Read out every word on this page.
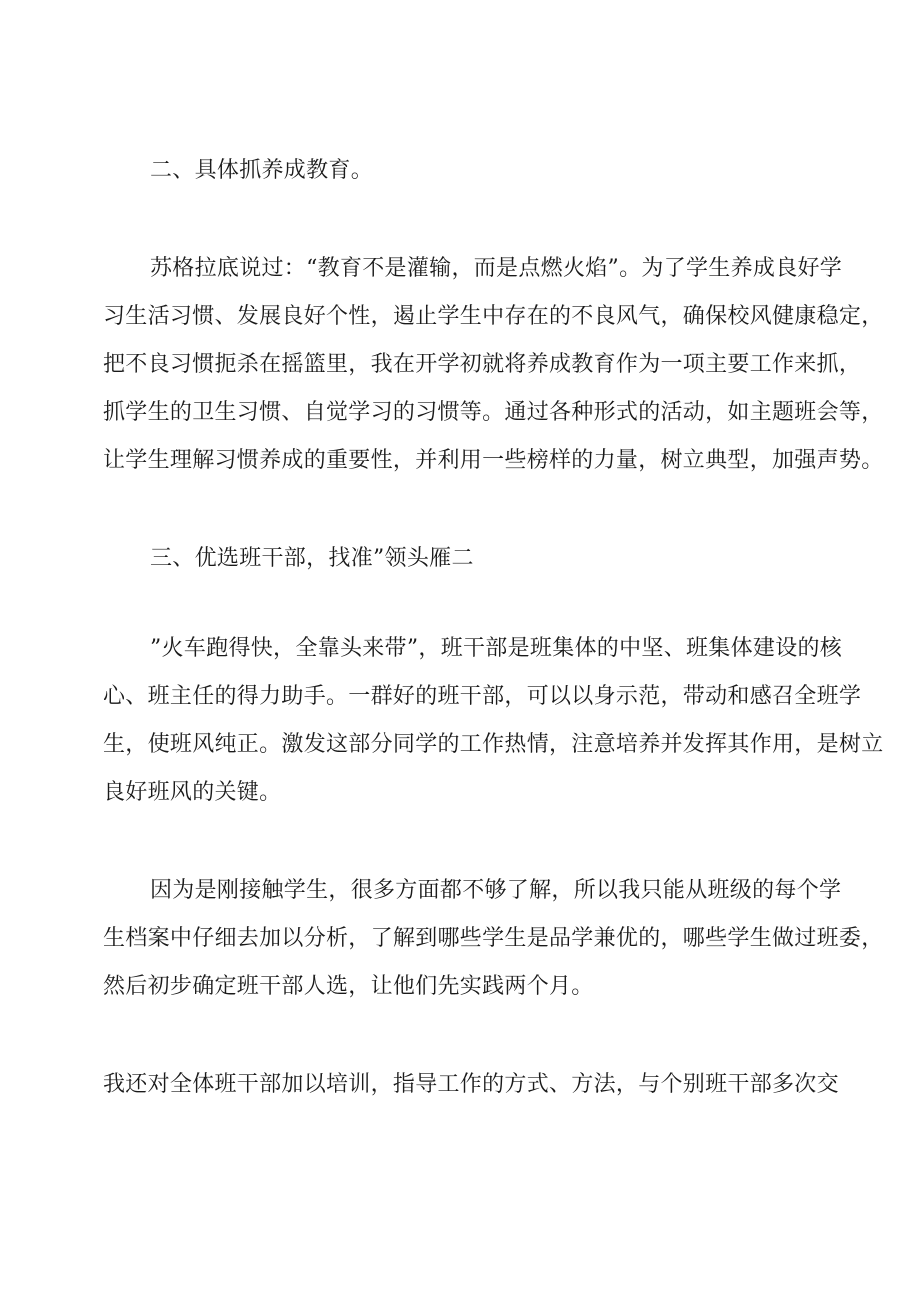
二、具体抓养成教育。
苏格拉底说过：“教育不是灌输，而是点燃火焰”。为了学生养成良好学
习生活习惯、发展良好个性，遏止学生中存在的不良风气，确保校风健康稳定，
把不良习惯扼杀在摇篮里，我在开学初就将养成教育作为一项主要工作来抓，
抓学生的卫生习惯、自觉学习的习惯等。通过各种形式的活动，如主题班会等，
让学生理解习惯养成的重要性，并利用一些榜样的力量，树立典型，加强声势。
三、优选班干部，找准”领头雁二
”火车跑得快，全靠头来带”，班干部是班集体的中坚、班集体建设的核
心、班主任的得力助手。一群好的班干部，可以以身示范，带动和感召全班学
生，使班风纯正。激发这部分同学的工作热情，注意培养并发挥其作用，是树立
良好班风的关键。
因为是刚接触学生，很多方面都不够了解，所以我只能从班级的每个学
生档案中仔细去加以分析，了解到哪些学生是品学兼优的，哪些学生做过班委，
然后初步确定班干部人选，让他们先实践两个月。
我还对全体班干部加以培训，指导工作的方式、方法，与个别班干部多次交
